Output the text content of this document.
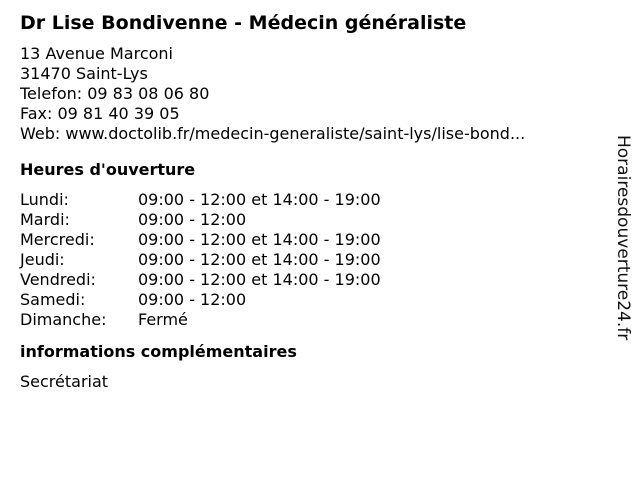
Dr Lise Bondivenne - Médecin généraliste
13 Avenue Marconi
31470 Saint-Lys
Telefon: 09 83 08 06 80
Fax: 09 81 40 39 05
Web: www.doctolib.fr/medecin-generaliste/saint-lys/lise-bond...
Heures d'ouverture
Lundi:	09:00 - 12:00 et 14:00 - 19:00
Mardi:	09:00 - 12:00
Mercredi:	09:00 - 12:00 et 14:00 - 19:00
Jeudi:	09:00 - 12:00 et 14:00 - 19:00
Vendredi:	09:00 - 12:00 et 14:00 - 19:00
Samedi:	09:00 - 12:00
Dimanche:	Fermé
informations complémentaires
Secrétariat
Horairesdouverture24.fr
